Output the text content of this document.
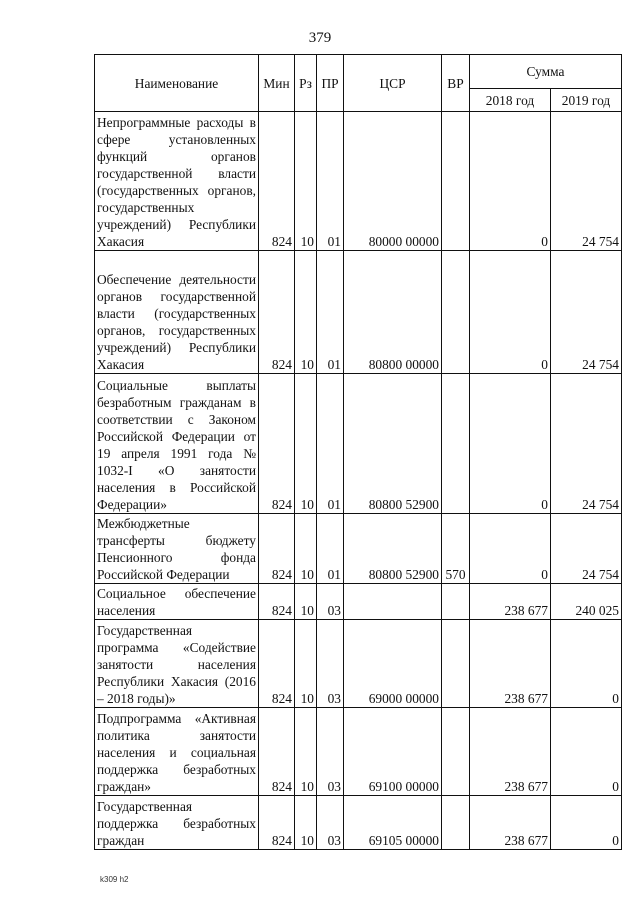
379
Наименование	Мин	Рз	ПР	ЦСР	ВР	Сумма	
						2018 год	2019 год
Непрограммные расходы в сфере установленных функций органов государственной власти (государственных органов, государственных учреждений) Республики Хакасия	824	10	01	80000 00000		0	24 754
Обеспечение деятельности органов государственной власти (государственных органов, государственных учреждений) Республики Хакасия	824	10	01	80800 00000		0	24 754
Социальные выплаты безработным гражданам в соответствии с Законом Российской Федерации от 19 апреля 1991 года № 1032-I «О занятости населения в Российской Федерации»	824	10	01	80800 52900		0	24 754
Межбюджетные трансферты бюджету Пенсионного фонда Российской Федерации	824	10	01	80800 52900	570	0	24 754
Социальное обеспечение населения	824	10	03			238 677	240 025
Государственная программа «Содействие занятости населения Республики Хакасия (2016 – 2018 годы)»	824	10	03	69000 00000		238 677	0
Подпрограмма «Активная политика занятости населения и социальная поддержка безработных граждан»	824	10	03	69100 00000		238 677	0
Государственная поддержка безработных граждан	824	10	03	69105 00000		238 677	0
k309 h2
